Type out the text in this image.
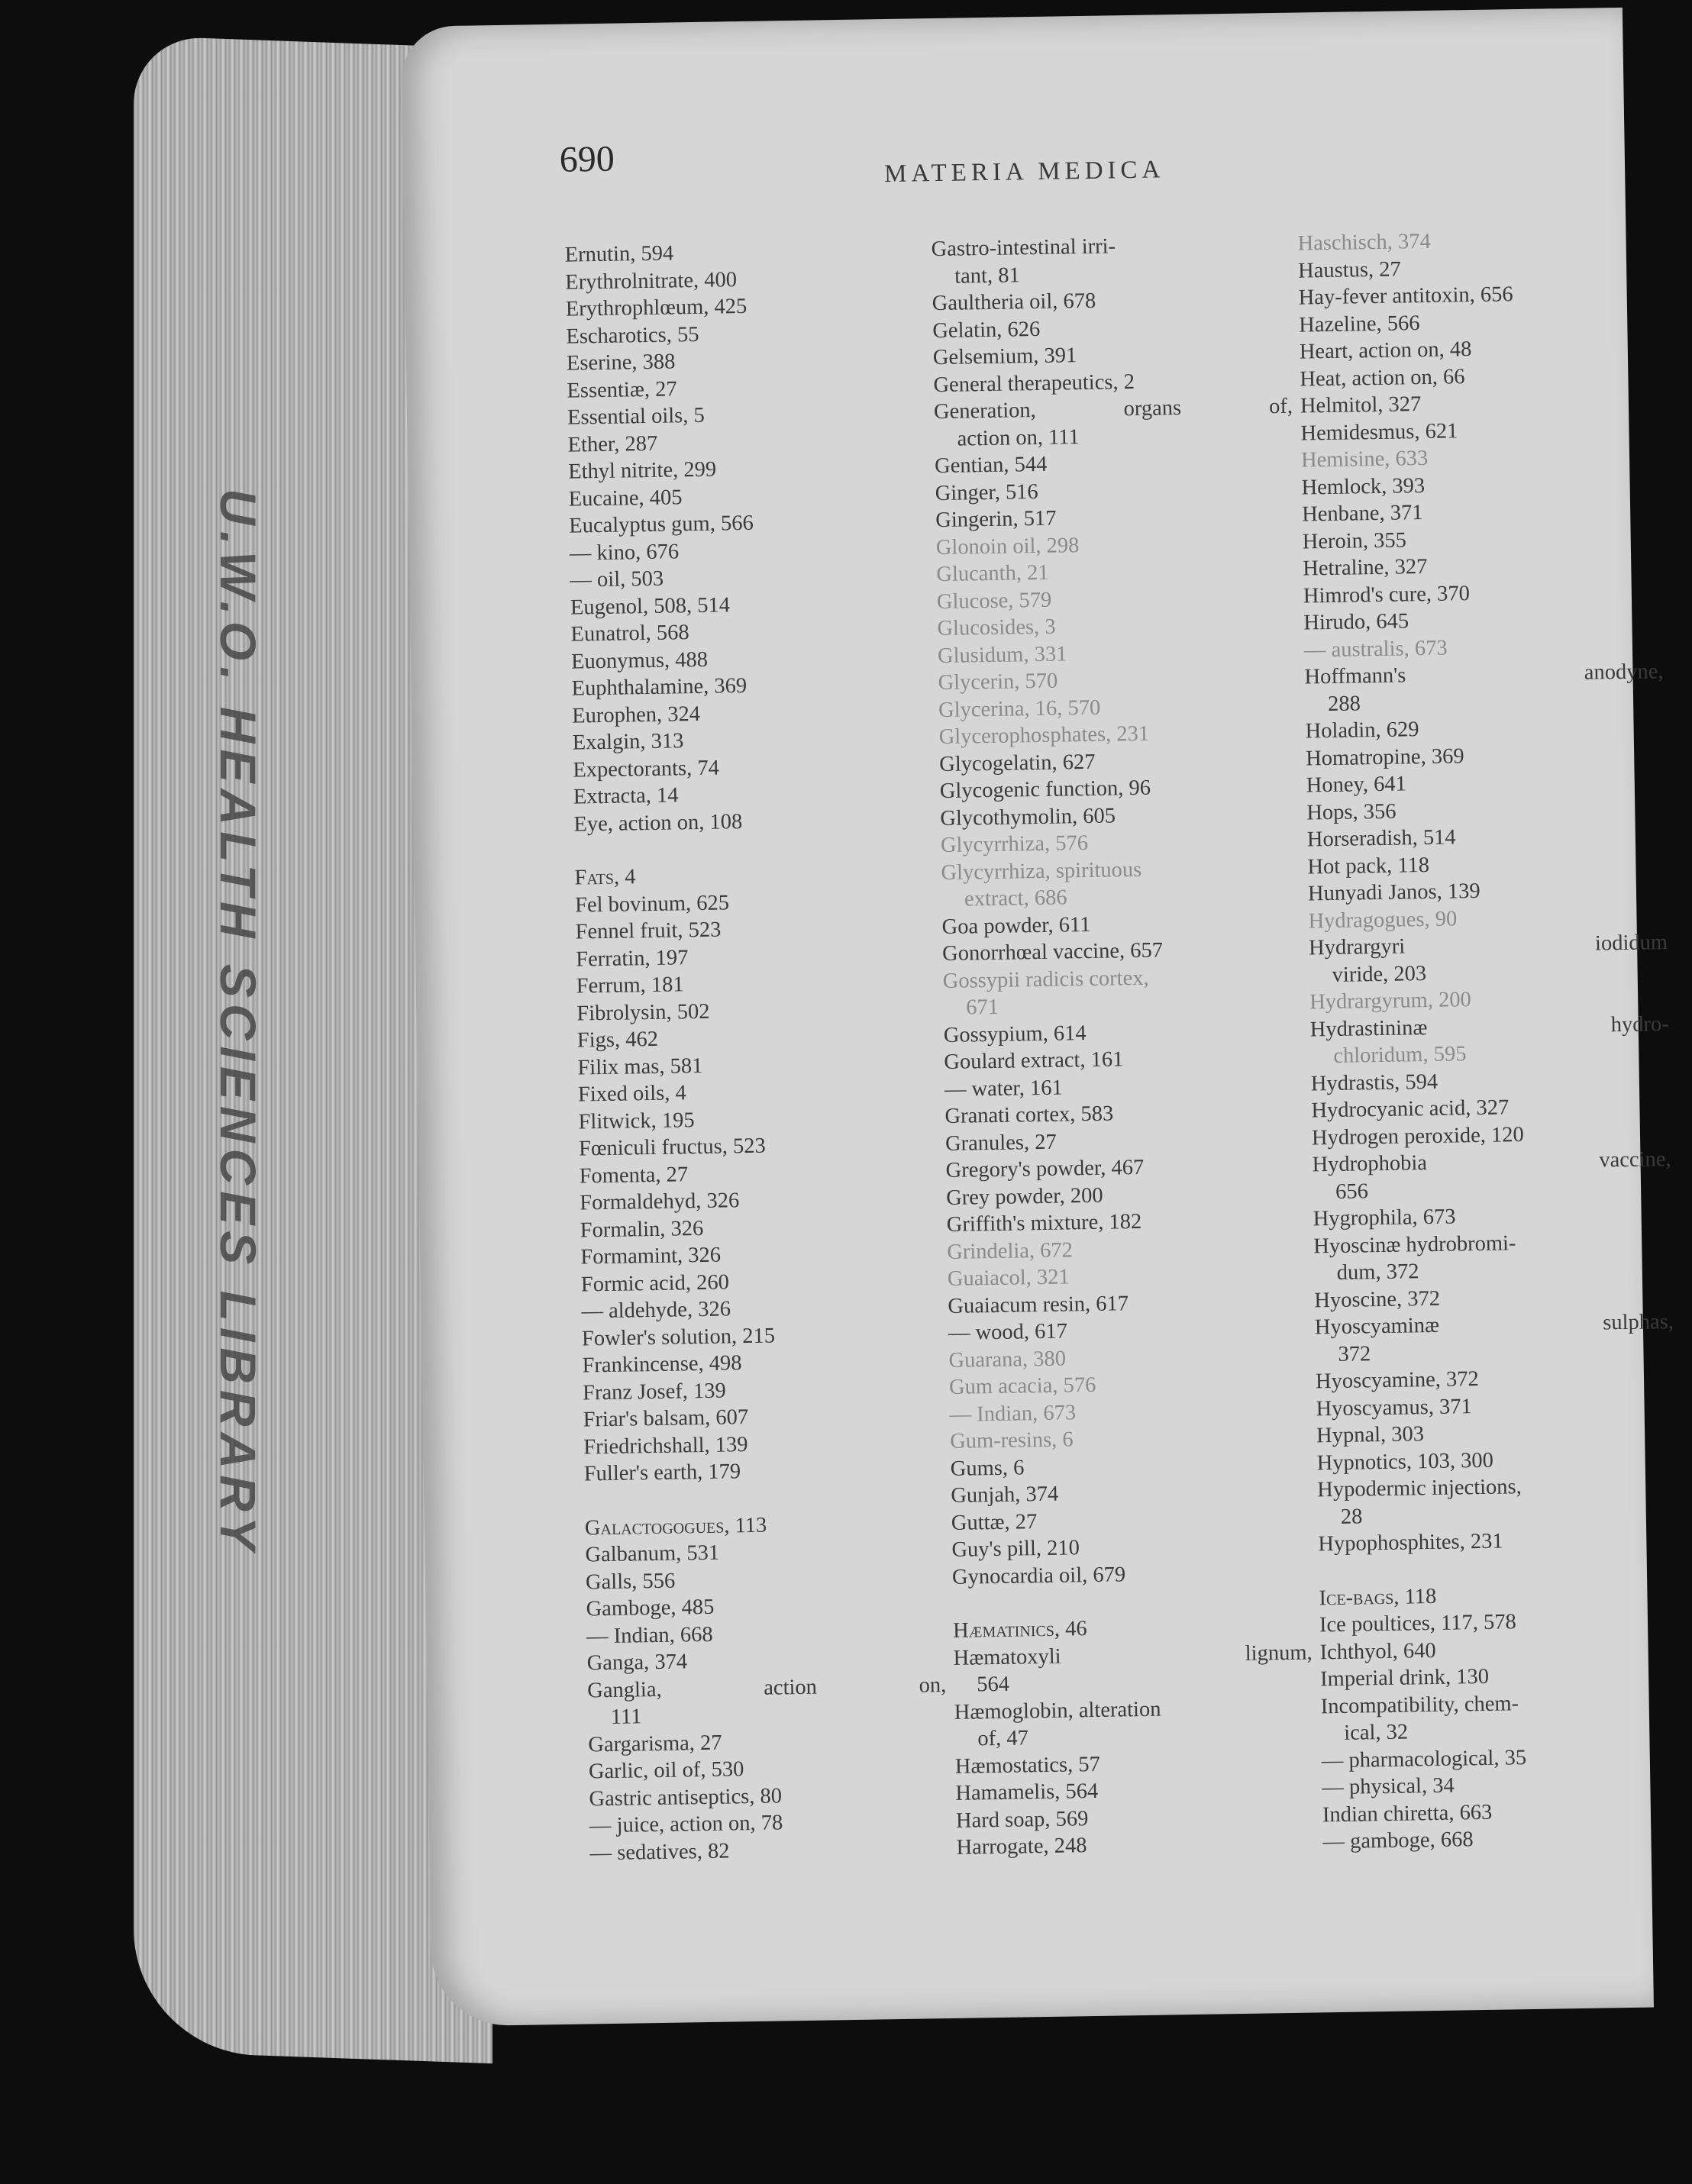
U.W.O. HEALTH SCIENCES LIBRARY
690	MATERIA MEDICA
Ernutin, 594
Erythrolnitrate, 400
Erythrophlœum, 425
Escharotics, 55
Eserine, 388
Essentiæ, 27
Essential oils, 5
Ether, 287
Ethyl nitrite, 299
Eucaine, 405
Eucalyptus gum, 566
— kino, 676
— oil, 503
Eugenol, 508, 514
Eunatrol, 568
Euonymus, 488
Euphthalamine, 369
Europhen, 324
Exalgin, 313
Expectorants, 74
Extracta, 14
Eye, action on, 108
Fats, 4
Fel bovinum, 625
Fennel fruit, 523
Ferratin, 197
Ferrum, 181
Fibrolysin, 502
Figs, 462
Filix mas, 581
Fixed oils, 4
Flitwick, 195
Fœniculi fructus, 523
Fomenta, 27
Formaldehyd, 326
Formalin, 326
Formamint, 326
Formic acid, 260
— aldehyde, 326
Fowler's solution, 215
Frankincense, 498
Franz Josef, 139
Friar's balsam, 607
Friedrichshall, 139
Fuller's earth, 179
Galactogogues, 113
Galbanum, 531
Galls, 556
Gamboge, 485
— Indian, 668
Ganga, 374
Ganglia, action on,
111
Gargarisma, 27
Garlic, oil of, 530
Gastric antiseptics, 80
— juice, action on, 78
— sedatives, 82
Gastro-intestinal irri-
tant, 81
Gaultheria oil, 678
Gelatin, 626
Gelsemium, 391
General therapeutics, 2
Generation, organs of,
action on, 111
Gentian, 544
Ginger, 516
Gingerin, 517
Glonoin oil, 298
Glucanth, 21
Glucose, 579
Glucosides, 3
Glusidum, 331
Glycerin, 570
Glycerina, 16, 570
Glycerophosphates, 231
Glycogelatin, 627
Glycogenic function, 96
Glycothymolin, 605
Glycyrrhiza, 576
Glycyrrhiza, spirituous
extract, 686
Goa powder, 611
Gonorrhœal vaccine, 657
Gossypii radicis cortex,
671
Gossypium, 614
Goulard extract, 161
— water, 161
Granati cortex, 583
Granules, 27
Gregory's powder, 467
Grey powder, 200
Griffith's mixture, 182
Grindelia, 672
Guaiacol, 321
Guaiacum resin, 617
— wood, 617
Guarana, 380
Gum acacia, 576
— Indian, 673
Gum-resins, 6
Gums, 6
Gunjah, 374
Guttæ, 27
Guy's pill, 210
Gynocardia oil, 679
Hæmatinics, 46
Hæmatoxyli lignum,
564
Hæmoglobin, alteration
of, 47
Hæmostatics, 57
Hamamelis, 564
Hard soap, 569
Harrogate, 248
Haschisch, 374
Haustus, 27
Hay-fever antitoxin, 656
Hazeline, 566
Heart, action on, 48
Heat, action on, 66
Helmitol, 327
Hemidesmus, 621
Hemisine, 633
Hemlock, 393
Henbane, 371
Heroin, 355
Hetraline, 327
Himrod's cure, 370
Hirudo, 645
— australis, 673
Hoffmann's anodyne,
288
Holadin, 629
Homatropine, 369
Honey, 641
Hops, 356
Horseradish, 514
Hot pack, 118
Hunyadi Janos, 139
Hydragogues, 90
Hydrargyri iodidum
viride, 203
Hydrargyrum, 200
Hydrastininæ hydro-
chloridum, 595
Hydrastis, 594
Hydrocyanic acid, 327
Hydrogen peroxide, 120
Hydrophobia vaccine,
656
Hygrophila, 673
Hyoscinæ hydrobromi-
dum, 372
Hyoscine, 372
Hyoscyaminæ sulphas,
372
Hyoscyamine, 372
Hyoscyamus, 371
Hypnal, 303
Hypnotics, 103, 300
Hypodermic injections,
28
Hypophosphites, 231
Ice-bags, 118
Ice poultices, 117, 578
Ichthyol, 640
Imperial drink, 130
Incompatibility, chem-
ical, 32
— pharmacological, 35
— physical, 34
Indian chiretta, 663
— gamboge, 668
